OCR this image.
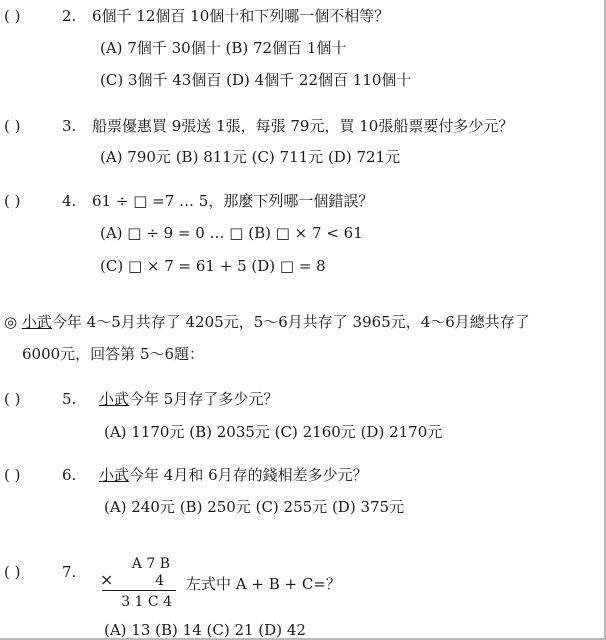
( )	2. 6個千 12個百 10個十和下列哪一個不相等？
(A) 7個千 30個十 (B) 72個百 1個十
(C) 3個千 43個百 (D) 4個千 22個百 110個十
( )	3. 船票優惠買 9張送 1張，每張 79元，買 10張船票要付多少元？
(A) 790元 (B) 811元 (C) 711元 (D) 721元
( )	4. 61 ÷ □ =7 … 5，那麼下列哪一個錯誤？
(A) □ ÷ 9 = 0 … □ (B) □ × 7 < 61
(C) □ × 7 = 61 + 5 (D) □ = 8
◎ 小武今年 4～5月共存了 4205元，5～6月共存了 3965元，4～6月總共存了
6000元，回答第 5～6題：
( )	5. 小武今年 5月存了多少元？
(A) 1170元 (B) 2035元 (C) 2160元 (D) 2170元
( )	6. 小武今年 4月和 6月存的錢相差多少元？
(A) 240元 (B) 250元 (C) 255元 (D) 375元
( )	7.	A 7 B
×	4
3 1 C 4
左式中 A + B + C=？
(A) 13 (B) 14 (C) 21 (D) 42
